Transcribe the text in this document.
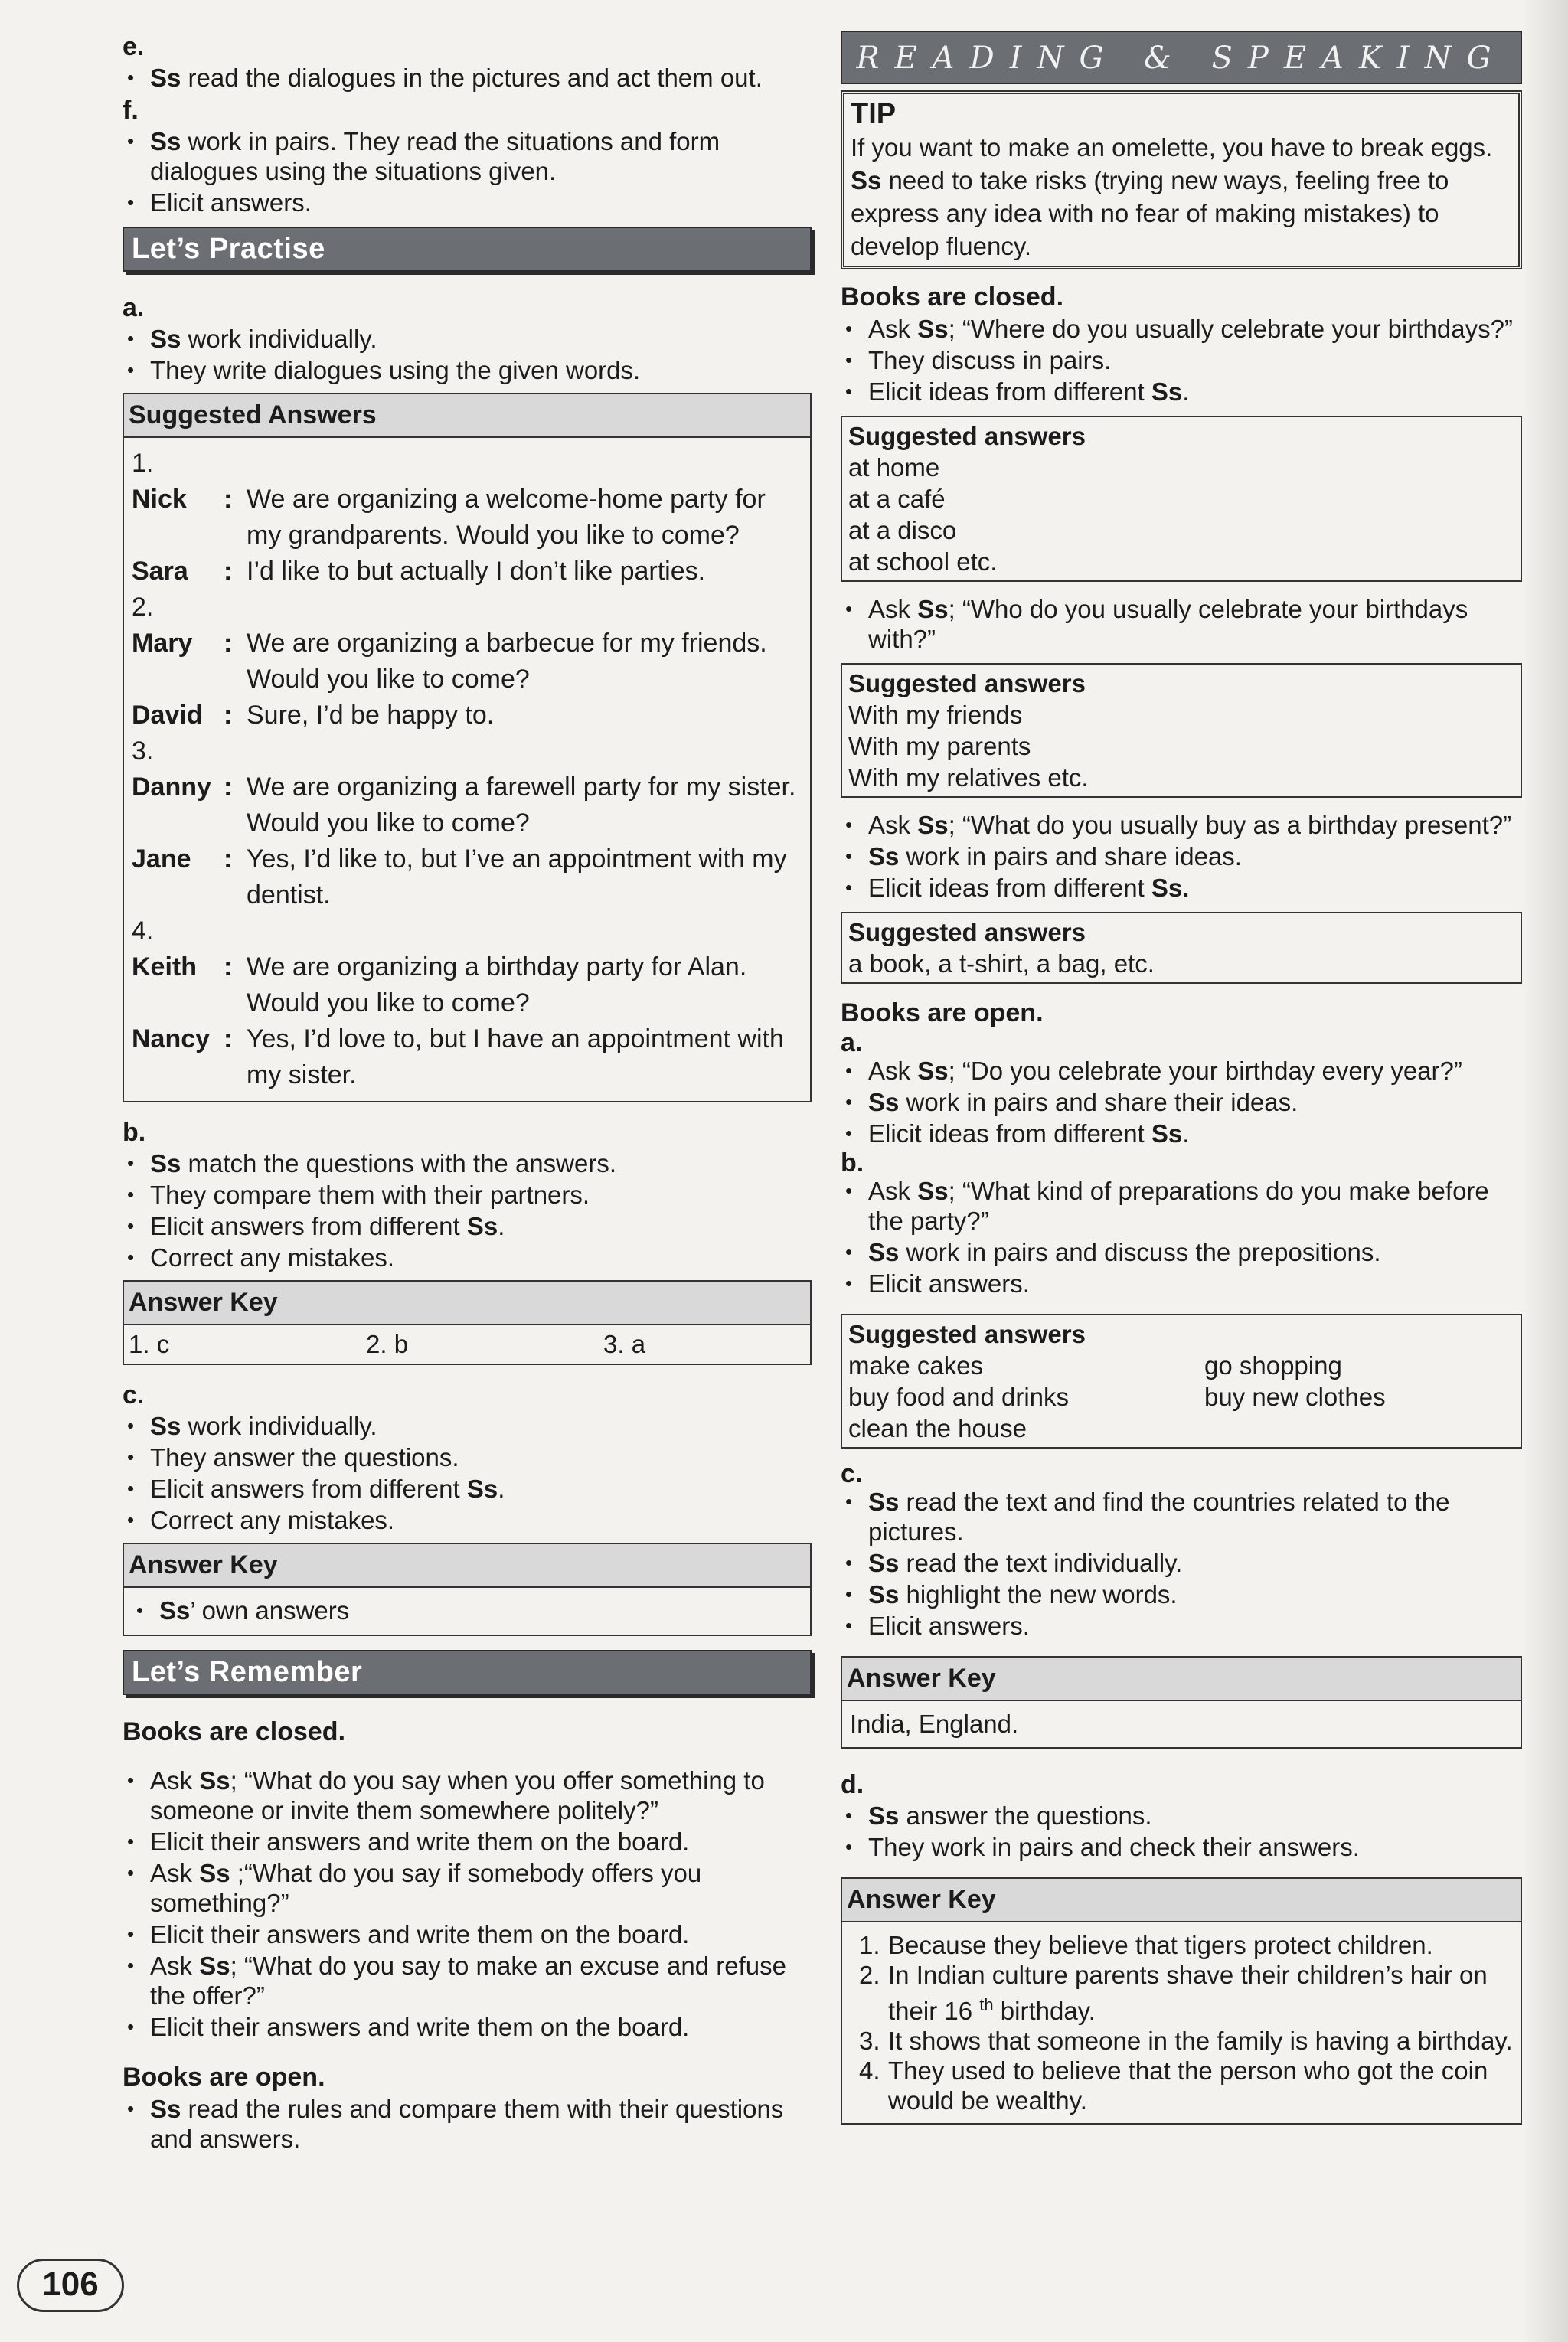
e.
• Ss read the dialogues in the pictures and act them out.
f.
• Ss work in pairs. They read the situations and form dialogues using the situations given.
• Elicit answers.
Let’s Practise
a.
• Ss work individually.
• They write dialogues using the given words.
Suggested Answers
1.
Nick	: We are organizing a welcome-home party for my grandparents. Would you like to come?
Sara	: I’d like to but actually I don’t like parties.
2.
Mary	: We are organizing a barbecue for my friends. Would you like to come?
David : Sure, I’d be happy to.
3.
Danny : We are organizing a farewell party for my sister. Would you like to come?
Jane	: Yes, I’d like to, but I’ve an appointment with my dentist.
4.
Keith	: We are organizing a birthday party for Alan. Would you like to come?
Nancy : Yes, I’d love to, but I have an appointment with my sister.
b.
• Ss match the questions with the answers.
• They compare them with their partners.
• Elicit answers from different Ss.
• Correct any mistakes.
Answer Key
1. c	2. b	3. a
c.
• Ss work individually.
• They answer the questions.
• Elicit answers from different Ss.
• Correct any mistakes.
Answer Key
• Ss’ own answers
Let’s Remember
Books are closed.
• Ask Ss; “What do you say when you offer something to someone or invite them somewhere politely?”
• Elicit their answers and write them on the board.
• Ask Ss ;“What do you say if somebody offers you something?”
• Elicit their answers and write them on the board.
• Ask Ss; “What do you say to make an excuse and refuse the offer?”
• Elicit their answers and write them on the board.
Books are open.
• Ss read the rules and compare them with their questions and answers.
READING & SPEAKING
TIP
If you want to make an omelette, you have to break eggs. Ss need to take risks (trying new ways, feeling free to express any idea with no fear of making mistakes) to develop fluency.
Books are closed.
• Ask Ss; “Where do you usually celebrate your birthdays?”
• They discuss in pairs.
• Elicit ideas from different Ss.
Suggested answers
at home
at a café
at a disco
at school etc.
• Ask Ss; “Who do you usually celebrate your birthdays with?”
Suggested answers
With my friends
With my parents
With my relatives etc.
• Ask Ss; “What do you usually buy as a birthday present?”
• Ss work in pairs and share ideas.
• Elicit ideas from different Ss.
Suggested answers
a book, a t-shirt, a bag, etc.
Books are open.
a.
• Ask Ss; “Do you celebrate your birthday every year?”
• Ss work in pairs and share their ideas.
• Elicit ideas from different Ss.
b.
• Ask Ss; “What kind of preparations do you make before the party?”
• Ss work in pairs and discuss the prepositions.
• Elicit answers.
Suggested answers
make cakes	go shopping
buy food and drinks	buy new clothes
clean the house
c.
• Ss read the text and find the countries related to the pictures.
• Ss read the text individually.
• Ss highlight the new words.
• Elicit answers.
Answer Key
India, England.
d.
• Ss answer the questions.
• They work in pairs and check their answers.
Answer Key
1. Because they believe that tigers protect children.
2. In Indian culture parents shave their children’s hair on their 16 $^{th}$ birthday.
3. It shows that someone in the family is having a birthday.
4. They used to believe that the person who got the coin would be wealthy.
106
